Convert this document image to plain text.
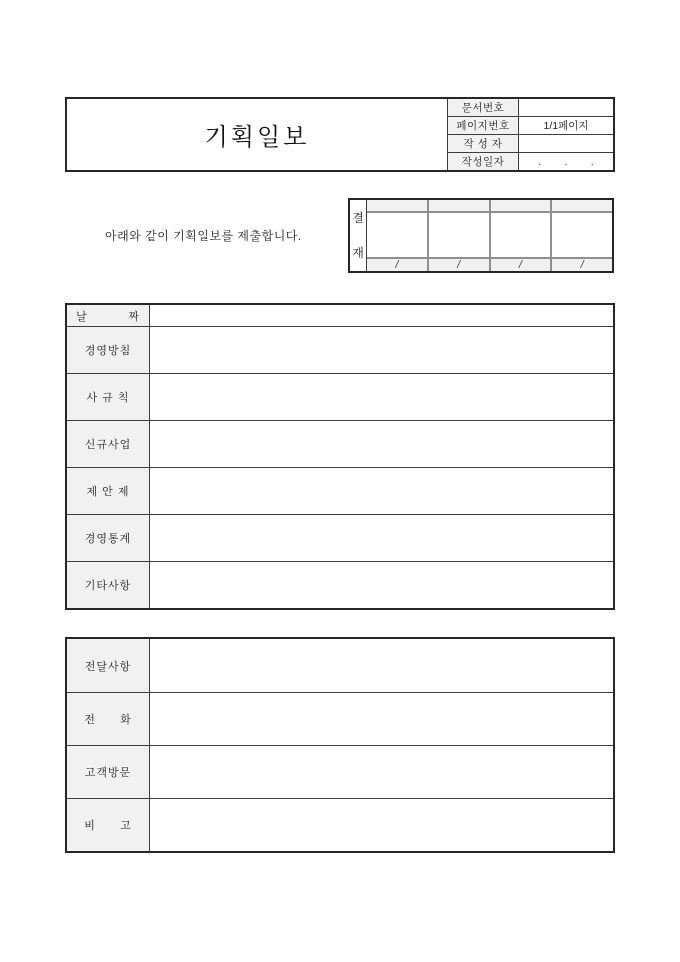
기획일보
문서번호
페이지번호	1/1페이지
작 성 자
작성일자	.        .        .
아래와 같이 기획일보를 제출합니다.
결
재
/	/	/	/
날          짜
경영방침
사 규 칙
신규사업
제 안 제
경영통계
기타사항
전달사항
전      화
고객방문
비      고
